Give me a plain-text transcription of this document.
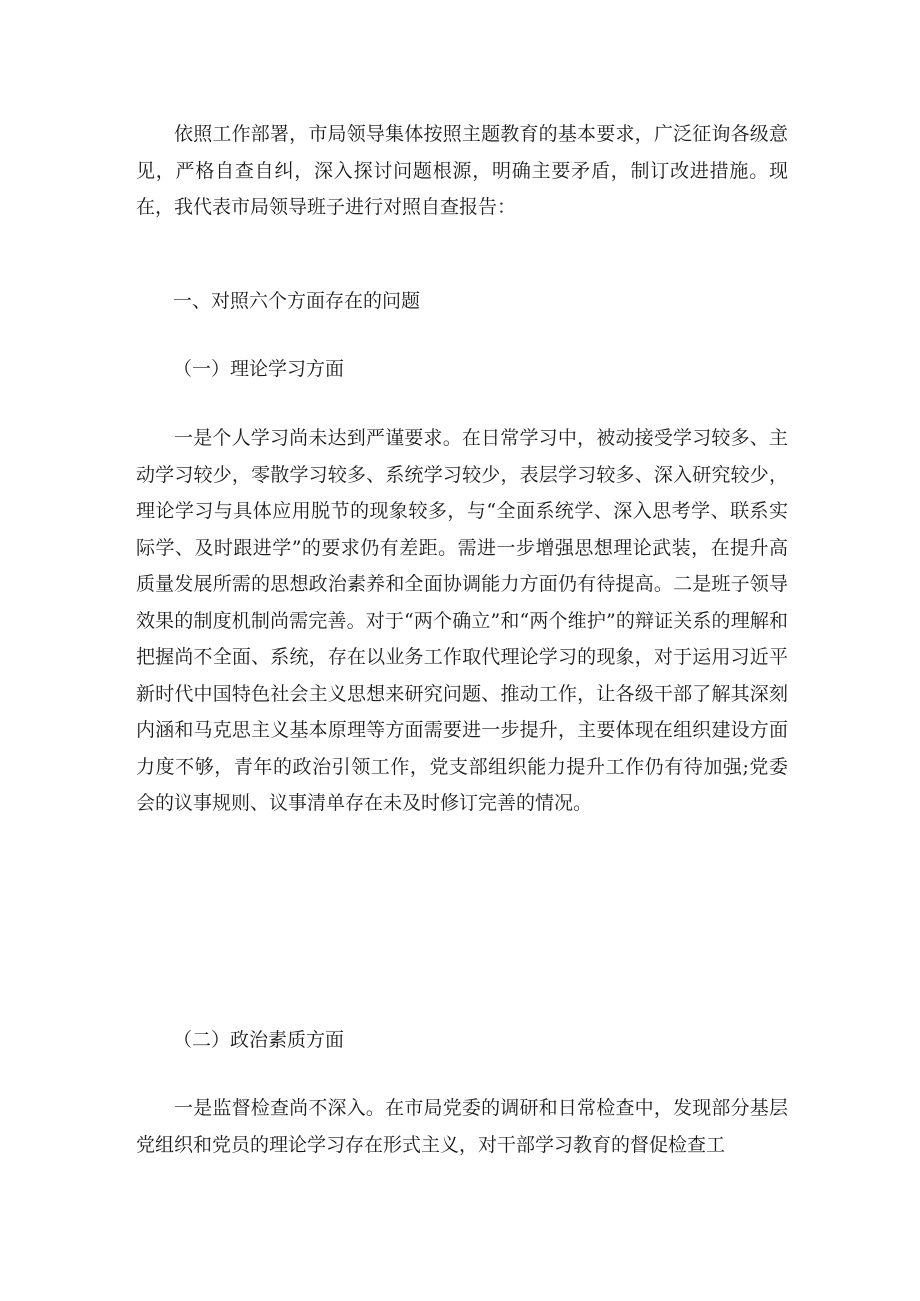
依照工作部署，市局领导集体按照主题教育的基本要求，广泛征询各级意见，严格自查自纠，深入探讨问题根源，明确主要矛盾，制订改进措施。现在，我代表市局领导班子进行对照自查报告：

一、对照六个方面存在的问题

（一）理论学习方面

一是个人学习尚未达到严谨要求。在日常学习中，被动接受学习较多、主动学习较少，零散学习较多、系统学习较少，表层学习较多、深入研究较少，理论学习与具体应用脱节的现象较多，与“全面系统学、深入思考学、联系实际学、及时跟进学”的要求仍有差距。需进一步增强思想理论武装，在提升高质量发展所需的思想政治素养和全面协调能力方面仍有待提高。二是班子领导效果的制度机制尚需完善。对于“两个确立”和“两个维护”的辩证关系的理解和把握尚不全面、系统，存在以业务工作取代理论学习的现象，对于运用习近平新时代中国特色社会主义思想来研究问题、推动工作，让各级干部了解其深刻内涵和马克思主义基本原理等方面需要进一步提升，主要体现在组织建设方面力度不够，青年的政治引领工作，党支部组织能力提升工作仍有待加强;党委会的议事规则、议事清单存在未及时修订完善的情况。

（二）政治素质方面

一是监督检查尚不深入。在市局党委的调研和日常检查中，发现部分基层党组织和党员的理论学习存在形式主义，对干部学习教育的督促检查工
